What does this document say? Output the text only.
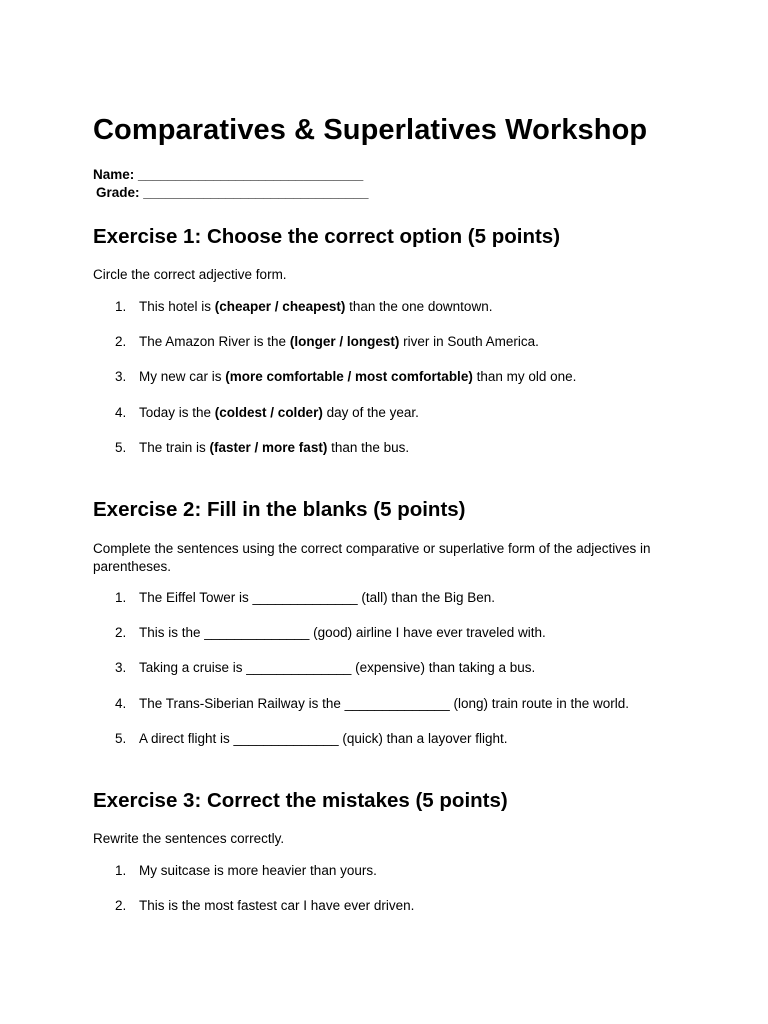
Comparatives & Superlatives Workshop
Name: ______________________________
Grade: ______________________________
Exercise 1: Choose the correct option (5 points)

Circle the correct adjective form.

1. This hotel is (cheaper / cheapest) than the one downtown.
2. The Amazon River is the (longer / longest) river in South America.
3. My new car is (more comfortable / most comfortable) than my old one.
4. Today is the (coldest / colder) day of the year.
5. The train is (faster / more fast) than the bus.
Exercise 2: Fill in the blanks (5 points)

Complete the sentences using the correct comparative or superlative form of the adjectives in parentheses.

1. The Eiffel Tower is ______________ (tall) than the Big Ben.
2. This is the ______________ (good) airline I have ever traveled with.
3. Taking a cruise is ______________ (expensive) than taking a bus.
4. The Trans-Siberian Railway is the ______________ (long) train route in the world.
5. A direct flight is ______________ (quick) than a layover flight.
Exercise 3: Correct the mistakes (5 points)

Rewrite the sentences correctly.

1. My suitcase is more heavier than yours.
2. This is the most fastest car I have ever driven.
